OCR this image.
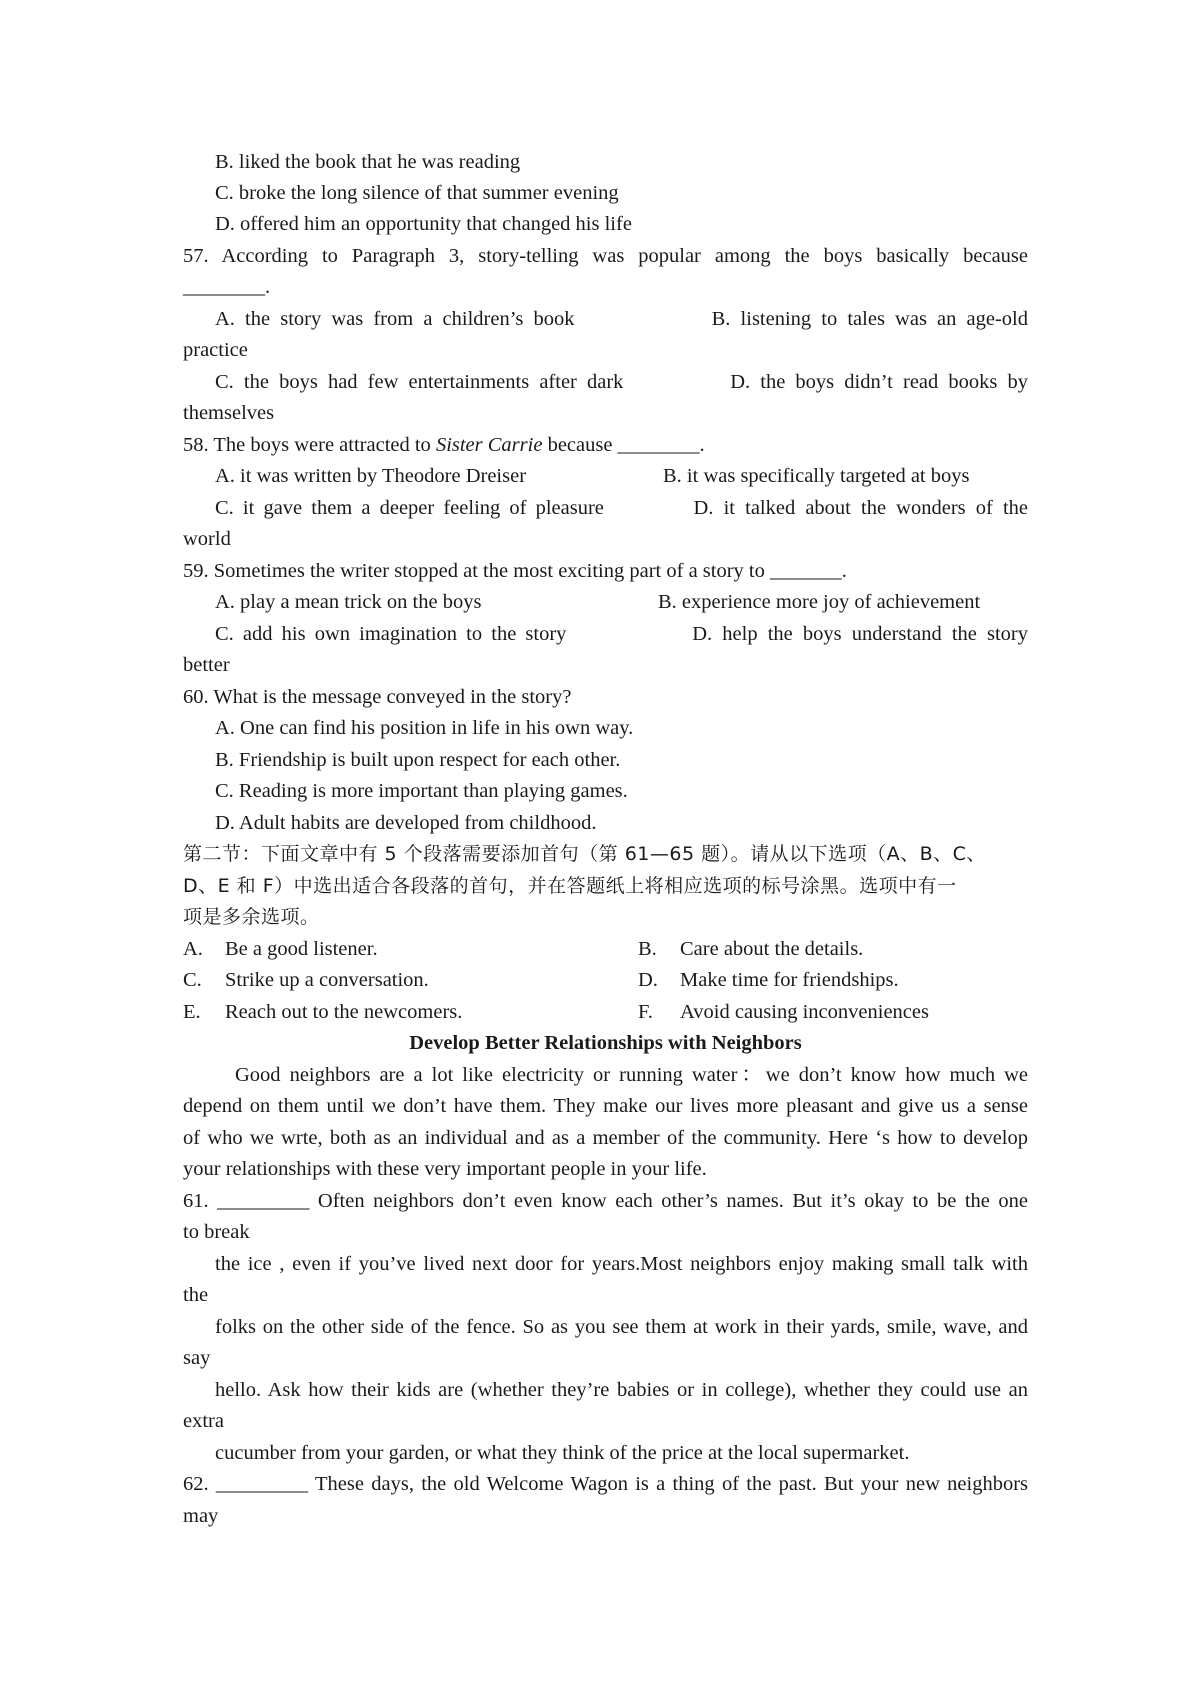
B. liked the book that he was reading
C. broke the long silence of that summer evening
D. offered him an opportunity that changed his life
57. According to Paragraph 3, story-telling was popular among the boys basically because
________.
A. the story was from a children’s book	B. listening to tales was an age-old
practice
C. the boys had few entertainments after dark	D. the boys didn’t read books by
themselves
58. The boys were attracted to Sister Carrie because ________.
A. it was written by Theodore Dreiser	B. it was specifically targeted at boys
C. it gave them a deeper feeling of pleasure	D. it talked about the wonders of the
world
59. Sometimes the writer stopped at the most exciting part of a story to _______.
A. play a mean trick on the boys	B. experience more joy of achievement
C. add his own imagination to the story	D. help the boys understand the story
better
60. What is the message conveyed in the story?
A. One can find his position in life in his own way.
B. Friendship is built upon respect for each other.
C. Reading is more important than playing games.
D. Adult habits are developed from childhood.
第二节：下面文章中有 5 个段落需要添加首句（第 61—65 题）。请从以下选项（A、B、C、
D、E 和 F）中选出适合各段落的首句，并在答题纸上将相应选项的标号涂黑。选项中有一
项是多余选项。
A. Be a good listener.	B. Care about the details.
C. Strike up a conversation.	D. Make time for friendships.
E. Reach out to the newcomers.	F. Avoid causing inconveniences
Develop Better Relationships with Neighbors
Good neighbors are a lot like electricity or running water：we don’t know how much we
depend on them until we don’t have them. They make our lives more pleasant and give us a sense
of who we wrte, both as an individual and as a member of the community. Here ‘s how to develop
your relationships with these very important people in your life.
61. _________ Often neighbors don’t even know each other’s names. But it’s okay to be the one
to break
the ice , even if you’ve lived next door for years.Most neighbors enjoy making small talk with
the
folks on the other side of the fence. So as you see them at work in their yards, smile, wave, and
say
hello. Ask how their kids are (whether they’re babies or in college), whether they could use an
extra
cucumber from your garden, or what they think of the price at the local supermarket.
62. _________ These days, the old Welcome Wagon is a thing of the past. But your new neighbors
may
